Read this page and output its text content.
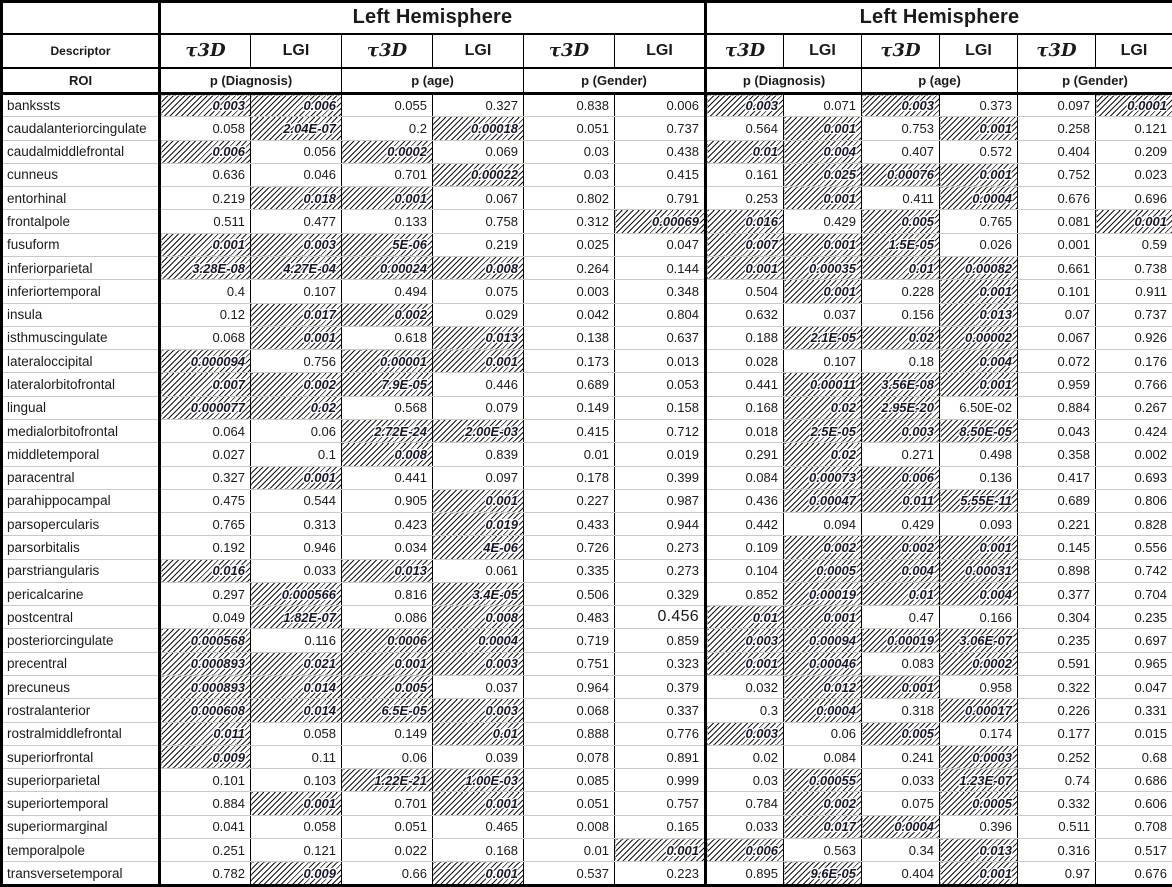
	Left Hemisphere						Left Hemisphere					
Descriptor	τ3D	LGI	τ3D	LGI	τ3D	LGI	τ3D	LGI	τ3D	LGI	τ3D	LGI
ROI	p (Diagnosis)		p (age)		p (Gender)		p (Diagnosis)		p (age)		p (Gender)	
bankssts	0.003	0.006	0.055	0.327	0.838	0.006	0.003	0.071	0.003	0.373	0.097	0.0001
caudalanteriorcingulate	0.058	2.04E-07	0.2	0.00018	0.051	0.737	0.564	0.001	0.753	0.001	0.258	0.121
caudalmiddlefrontal	0.006	0.056	0.0002	0.069	0.03	0.438	0.01	0.004	0.407	0.572	0.404	0.209
cunneus	0.636	0.046	0.701	0.00022	0.03	0.415	0.161	0.025	0.00076	0.001	0.752	0.023
entorhinal	0.219	0.018	0.001	0.067	0.802	0.791	0.253	0.001	0.411	0.0004	0.676	0.696
frontalpole	0.511	0.477	0.133	0.758	0.312	0.00069	0.016	0.429	0.005	0.765	0.081	0.001
fusuform	0.001	0.003	5E-06	0.219	0.025	0.047	0.007	0.001	1.5E-05	0.026	0.001	0.59
inferiorparietal	3.28E-08	4.27E-04	0.00024	0.008	0.264	0.144	0.001	0.00035	0.01	0.00082	0.661	0.738
inferiortemporal	0.4	0.107	0.494	0.075	0.003	0.348	0.504	0.001	0.228	0.001	0.101	0.911
insula	0.12	0.017	0.002	0.029	0.042	0.804	0.632	0.037	0.156	0.013	0.07	0.737
isthmuscingulate	0.068	0.001	0.618	0.013	0.138	0.637	0.188	2.1E-05	0.02	0.00002	0.067	0.926
lateraloccipital	0.000094	0.756	0.00001	0.001	0.173	0.013	0.028	0.107	0.18	0.004	0.072	0.176
lateralorbitofrontal	0.007	0.002	7.9E-05	0.446	0.689	0.053	0.441	0.00011	3.56E-08	0.001	0.959	0.766
lingual	0.000077	0.02	0.568	0.079	0.149	0.158	0.168	0.02	2.95E-20	6.50E-02	0.884	0.267
medialorbitofrontal	0.064	0.06	2.72E-24	2.00E-03	0.415	0.712	0.018	2.5E-05	0.003	8.50E-05	0.043	0.424
middletemporal	0.027	0.1	0.008	0.839	0.01	0.019	0.291	0.02	0.271	0.498	0.358	0.002
paracentral	0.327	0.001	0.441	0.097	0.178	0.399	0.084	0.00073	0.006	0.136	0.417	0.693
parahippocampal	0.475	0.544	0.905	0.001	0.227	0.987	0.436	0.00047	0.011	5.55E-11	0.689	0.806
parsopercularis	0.765	0.313	0.423	0.019	0.433	0.944	0.442	0.094	0.429	0.093	0.221	0.828
parsorbitalis	0.192	0.946	0.034	4E-06	0.726	0.273	0.109	0.002	0.002	0.001	0.145	0.556
parstriangularis	0.016	0.033	0.013	0.061	0.335	0.273	0.104	0.0005	0.004	0.00031	0.898	0.742
pericalcarine	0.297	0.000566	0.816	3.4E-05	0.506	0.329	0.852	0.00019	0.01	0.004	0.377	0.704
postcentral	0.049	1.82E-07	0.086	0.008	0.483	0.456	0.01	0.001	0.47	0.166	0.304	0.235
posteriorcingulate	0.000568	0.116	0.0006	0.0004	0.719	0.859	0.003	0.00094	0.00019	3.06E-07	0.235	0.697
precentral	0.000893	0.021	0.001	0.003	0.751	0.323	0.001	0.00046	0.083	0.0002	0.591	0.965
precuneus	0.000893	0.014	0.005	0.037	0.964	0.379	0.032	0.012	0.001	0.958	0.322	0.047
rostralanterior	0.000608	0.014	6.5E-05	0.003	0.068	0.337	0.3	0.0004	0.318	0.00017	0.226	0.331
rostralmiddlefrontal	0.011	0.058	0.149	0.01	0.888	0.776	0.003	0.06	0.005	0.174	0.177	0.015
superiorfrontal	0.009	0.11	0.06	0.039	0.078	0.891	0.02	0.084	0.241	0.0003	0.252	0.68
superiorparietal	0.101	0.103	1.22E-21	1.00E-03	0.085	0.999	0.03	0.00055	0.033	1.23E-07	0.74	0.686
superiortemporal	0.884	0.001	0.701	0.001	0.051	0.757	0.784	0.002	0.075	0.0005	0.332	0.606
superiormarginal	0.041	0.058	0.051	0.465	0.008	0.165	0.033	0.017	0.0004	0.396	0.511	0.708
temporalpole	0.251	0.121	0.022	0.168	0.01	0.001	0.006	0.563	0.34	0.013	0.316	0.517
transversetemporal	0.782	0.009	0.66	0.001	0.537	0.223	0.895	9.6E-05	0.404	0.001	0.97	0.676
